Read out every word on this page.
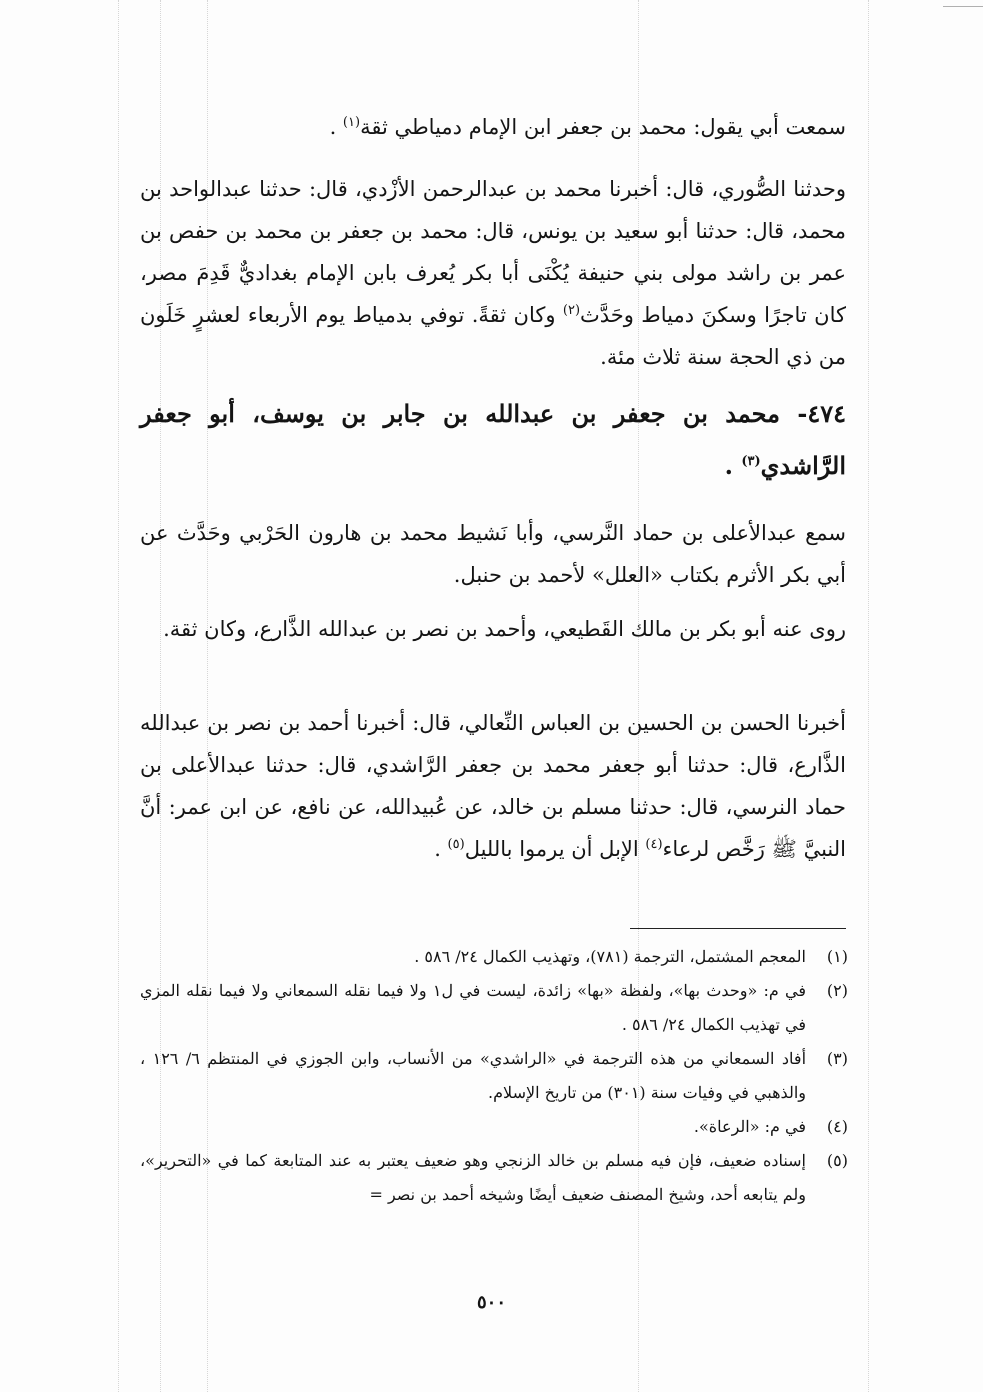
سمعت أبي يقول: محمد بن جعفر ابن الإمام دمياطي ثقة$^{(١)}$ .

وحدثنا الصُّوري، قال: أخبرنا محمد بن عبدالرحمن الأزْدي، قال: حدثنا عبدالواحد بن محمد، قال: حدثنا أبو سعيد بن يونس، قال: محمد بن جعفر بن محمد بن حفص بن عمر بن راشد مولى بني حنيفة يُكْنَى أبا بكر يُعرف بابن الإمام بغداديٌّ قَدِمَ مصر، كان تاجرًا وسكنَ دمياط وحَدَّث$^{(٢)}$ وكان ثقةً. توفي بدمياط يوم الأربعاء لعشرٍ خَلَون من ذي الحجة سنة ثلاث مئة.

٤٧٤- محمد بن جعفر بن عبدالله بن جابر بن يوسف، أبو جعفر الرَّاشدي$^{(٣)}$ .

سمع عبدالأعلى بن حماد النَّرسي، وأبا نَشيط محمد بن هارون الحَرْبي وحَدَّث عن أبي بكر الأثرم بكتاب «العلل» لأحمد بن حنبل.

روى عنه أبو بكر بن مالك القَطيعي، وأحمد بن نصر بن عبدالله الذَّارع، وكان ثقة.

أخبرنا الحسن بن الحسين بن العباس النِّعالي، قال: أخبرنا أحمد بن نصر بن عبدالله الذَّارع، قال: حدثنا أبو جعفر محمد بن جعفر الرَّاشدي، قال: حدثنا عبدالأعلى بن حماد النرسي، قال: حدثنا مسلم بن خالد، عن عُبيدالله، عن نافع، عن ابن عمر: أنَّ النبيَّ ﷺ رَخَّص لرعاء$^{(٤)}$ الإبل أن يرموا بالليل$^{(٥)}$ .

(١)
المعجم المشتمل، الترجمة (٧٨١)، وتهذيب الكمال ٢٤/ ٥٨٦ .
(٢)
في م: «وحدث بها»، ولفظة «بها» زائدة، ليست في ل١ ولا فيما نقله السمعاني ولا فيما نقله المزي في تهذيب الكمال ٢٤/ ٥٨٦ .
(٣)
أفاد السمعاني من هذه الترجمة في «الراشدي» من الأنساب، وابن الجوزي في المنتظم ٦/ ١٢٦ ، والذهبي في وفيات سنة (٣٠١) من تاريخ الإسلام.
(٤)
في م: «الرعاة».
(٥)
إسناده ضعيف، فإن فيه مسلم بن خالد الزنجي وهو ضعيف يعتبر به عند المتابعة كما في «التحرير»، ولم يتابعه أحد، وشيخ المصنف ضعيف أيضًا وشيخه أحمد بن نصر =
٥٠٠
